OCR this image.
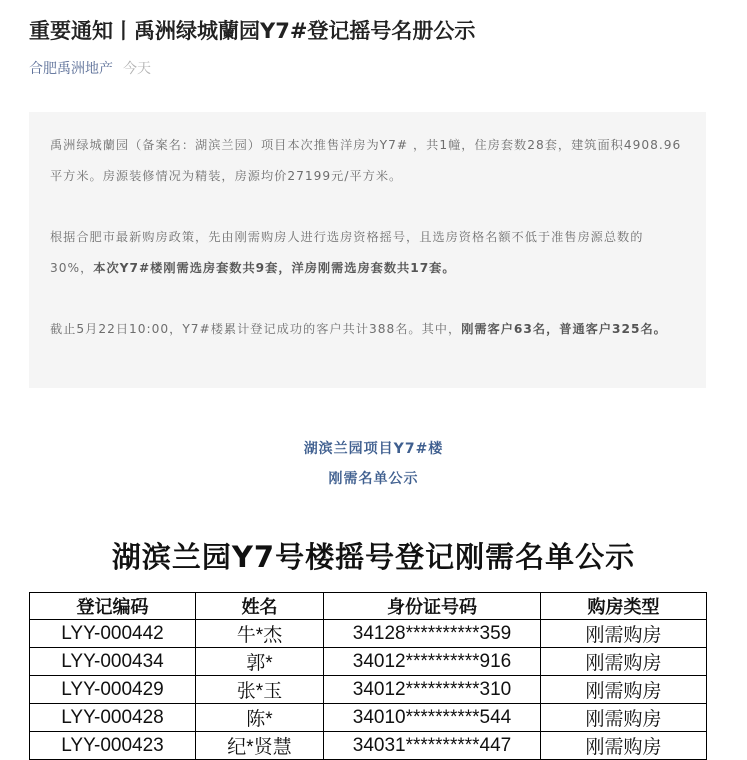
重要通知丨禹洲绿城蘭园Y7#登记摇号名册公示
合肥禹洲地产 今天

禹洲绿城蘭园（备案名：湖滨兰园）项目本次推售洋房为Y7# ，共1幢，住房套数28套，建筑面积4908.96平方米。房源装修情况为精装，房源均价27199元/平方米。

根据合肥市最新购房政策，先由刚需购房人进行选房资格摇号，且选房资格名额不低于准售房源总数的30%，本次Y7#楼刚需选房套数共9套，洋房刚需选房套数共17套。

截止5月22日10:00，Y7#楼累计登记成功的客户共计388名。其中，刚需客户63名，普通客户325名。

湖滨兰园项目Y7#楼
刚需名单公示
湖滨兰园Y7号楼摇号登记刚需名单公示
登记编码	姓名	身份证号码	购房类型
LYY-000442	牛*杰	34128**********359	刚需购房
LYY-000434	郭*	34012**********916	刚需购房
LYY-000429	张*玉	34012**********310	刚需购房
LYY-000428	陈*	34010**********544	刚需购房
LYY-000423	纪*贤慧	34031**********447	刚需购房
